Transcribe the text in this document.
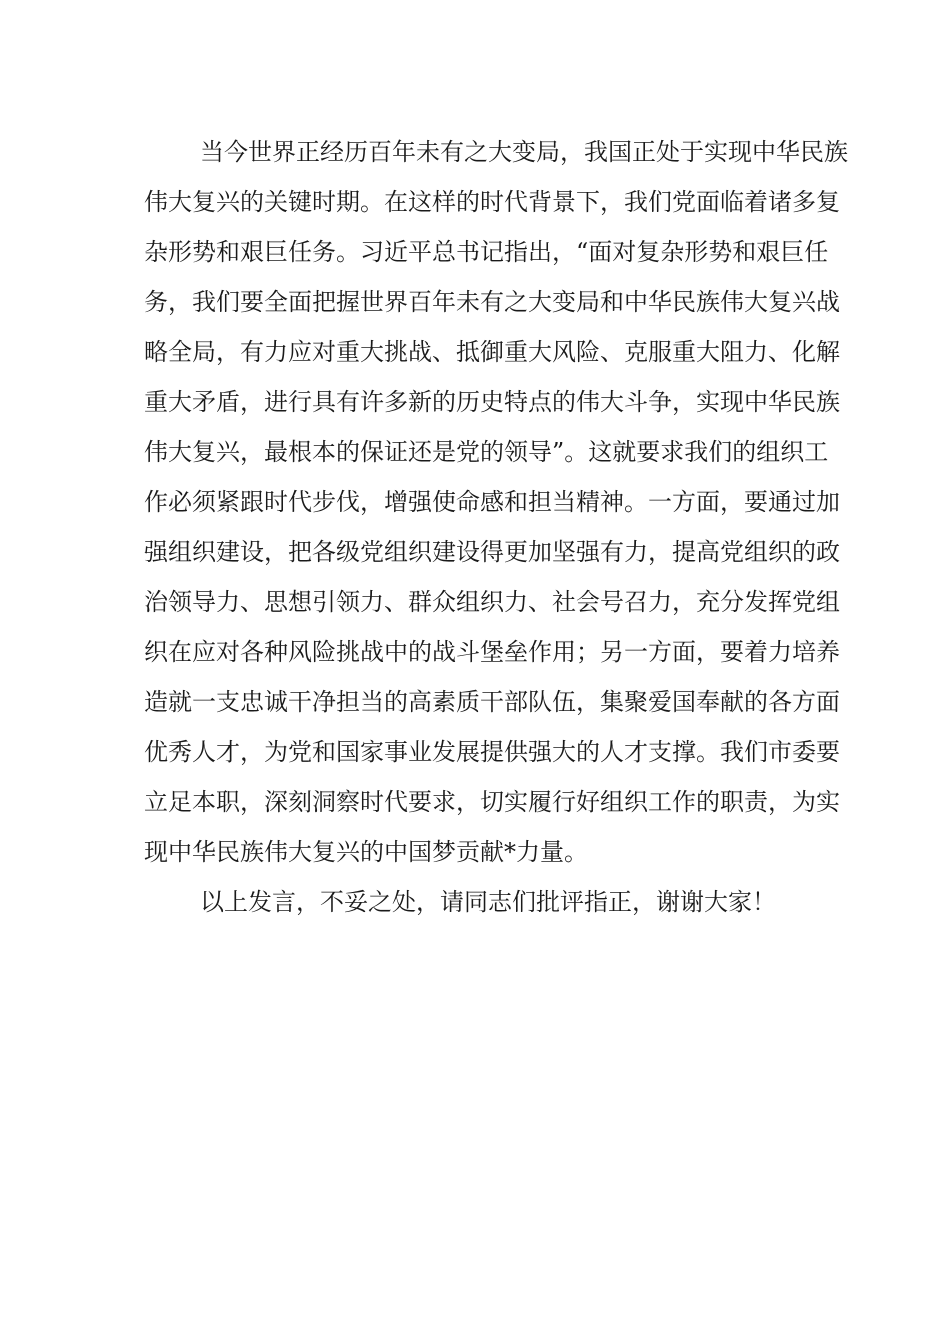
当今世界正经历百年未有之大变局，我国正处于实现中华民族
伟大复兴的关键时期。在这样的时代背景下，我们党面临着诸多复
杂形势和艰巨任务。习近平总书记指出，“面对复杂形势和艰巨任
务，我们要全面把握世界百年未有之大变局和中华民族伟大复兴战
略全局，有力应对重大挑战、抵御重大风险、克服重大阻力、化解
重大矛盾，进行具有许多新的历史特点的伟大斗争，实现中华民族
伟大复兴，最根本的保证还是党的领导”。这就要求我们的组织工
作必须紧跟时代步伐，增强使命感和担当精神。一方面，要通过加
强组织建设，把各级党组织建设得更加坚强有力，提高党组织的政
治领导力、思想引领力、群众组织力、社会号召力，充分发挥党组
织在应对各种风险挑战中的战斗堡垒作用；另一方面，要着力培养
造就一支忠诚干净担当的高素质干部队伍，集聚爱国奉献的各方面
优秀人才，为党和国家事业发展提供强大的人才支撑。我们市委要
立足本职，深刻洞察时代要求，切实履行好组织工作的职责，为实
现中华民族伟大复兴的中国梦贡献*力量。
以上发言，不妥之处，请同志们批评指正，谢谢大家！
